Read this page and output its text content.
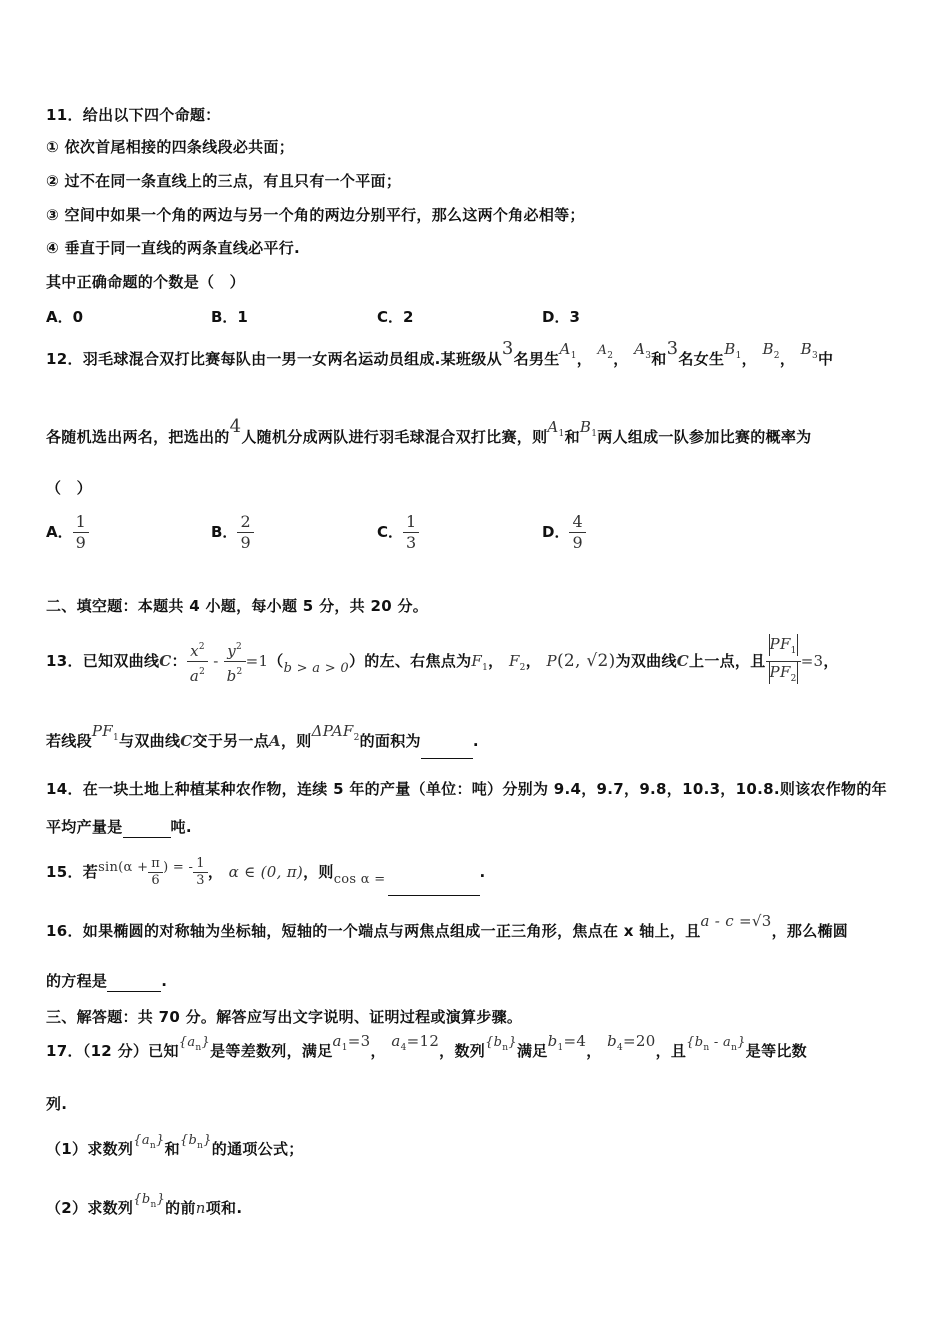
11．给出以下四个命题：
① 依次首尾相接的四条线段必共面；
② 过不在同一条直线上的三点，有且只有一个平面；
③ 空间中如果一个角的两边与另一个角的两边分别平行，那么这两个角必相等；
④ 垂直于同一直线的两条直线必平行.
其中正确命题的个数是（　）
A．0	B．1	C．2	D．3
12．羽毛球混合双打比赛每队由一男一女两名运动员组成.某班级从3名男生$A_1$， $A_2$， $A_3$和3名女生$B_1$， $B_2$， $B_3$中
各随机选出两名，把选出的4人随机分成两队进行羽毛球混合双打比赛，则$A_1$和$B_1$两人组成一队参加比赛的概率为
（　）
A． $\frac{1}{9}$	B． $\frac{2}{9}$	C． $\frac{1}{3}$	D． $\frac{4}{9}$
二、填空题：本题共 4 小题，每小题 5 分，共 20 分。
13．已知双曲线C： $\frac{x^2}{a^2} - \frac{y^2}{b^2} =1(b > a > 0)$的左、右焦点为$F_1$， $F_2$， P(2, √2)为双曲线C上一点，且 $\frac{PF_1}{PF_2} =3$，
若线段$PF_1$与双曲线C交于另一点A，则$\Delta PAF_2$的面积为	.
14．在一块土地上种植某种农作物，连续 5 年的产量（单位：吨）分别为 9.4，9.7，9.8，10.3，10.8.则该农作物的年
平均产量是	吨.
15．若$\sin(\alpha + \frac{\pi}{6}$ ) = - $\frac{1}{3}$ ， α ∈ (0, π)，则cos α =	.
16．如果椭圆的对称轴为坐标轴，短轴的一个端点与两焦点组成一正三角形，焦点在 x 轴上，且a - c =√3，那么椭圆
的方程是	.
三、解答题：共 70 分。解答应写出文字说明、证明过程或演算步骤。
17．（12 分）已知$\{a_n\}$是等差数列，满足$a_1=3$， $a_4=12$，数列$\{b_n\}$满足$b_1=4$， $b_4=20$，且$\{b_n - a_n\}$是等比数
列.
（1）求数列$\{a_n\}$和$\{b_n\}$的通项公式；
（2）求数列$\{b_n\}$的前n项和.
